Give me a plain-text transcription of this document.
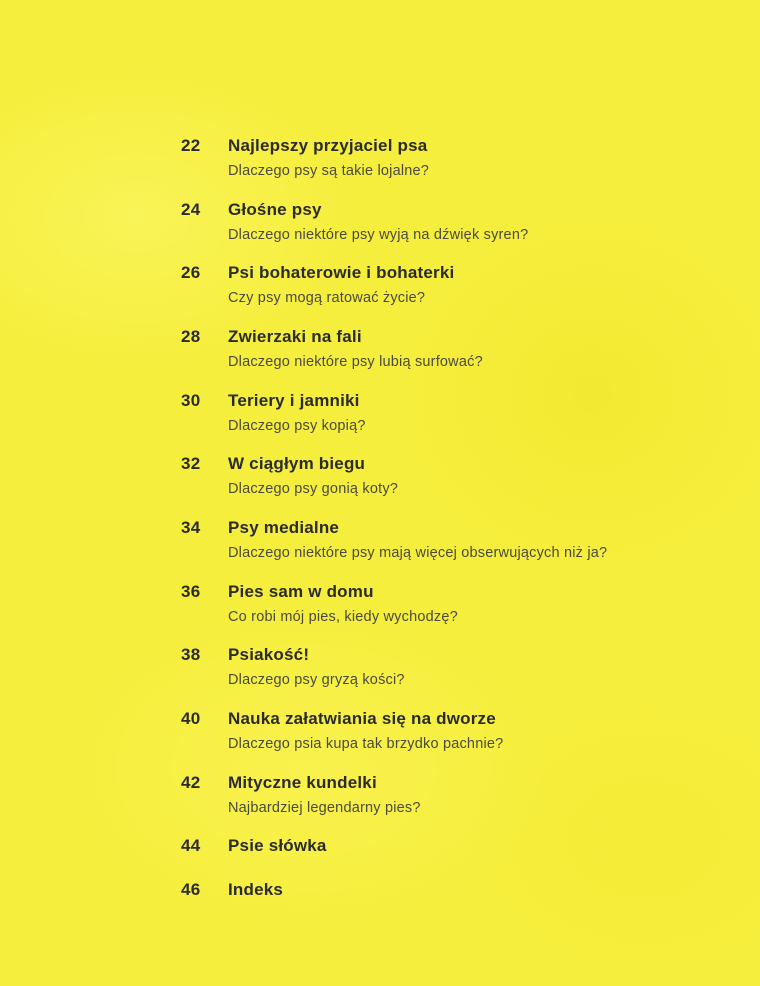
22 Najlepszy przyjaciel psa
Dlaczego psy są takie lojalne?
24 Głośne psy
Dlaczego niektóre psy wyją na dźwięk syren?
26 Psi bohaterowie i bohaterki
Czy psy mogą ratować życie?
28 Zwierzaki na fali
Dlaczego niektóre psy lubią surfować?
30 Teriery i jamniki
Dlaczego psy kopią?
32 W ciągłym biegu
Dlaczego psy gonią koty?
34 Psy medialne
Dlaczego niektóre psy mają więcej obserwujących niż ja?
36 Pies sam w domu
Co robi mój pies, kiedy wychodzę?
38 Psiakość!
Dlaczego psy gryzą kości?
40 Nauka załatwiania się na dworze
Dlaczego psia kupa tak brzydko pachnie?
42 Mityczne kundelki
Najbardziej legendarny pies?
44 Psie słówka
46 Indeks
